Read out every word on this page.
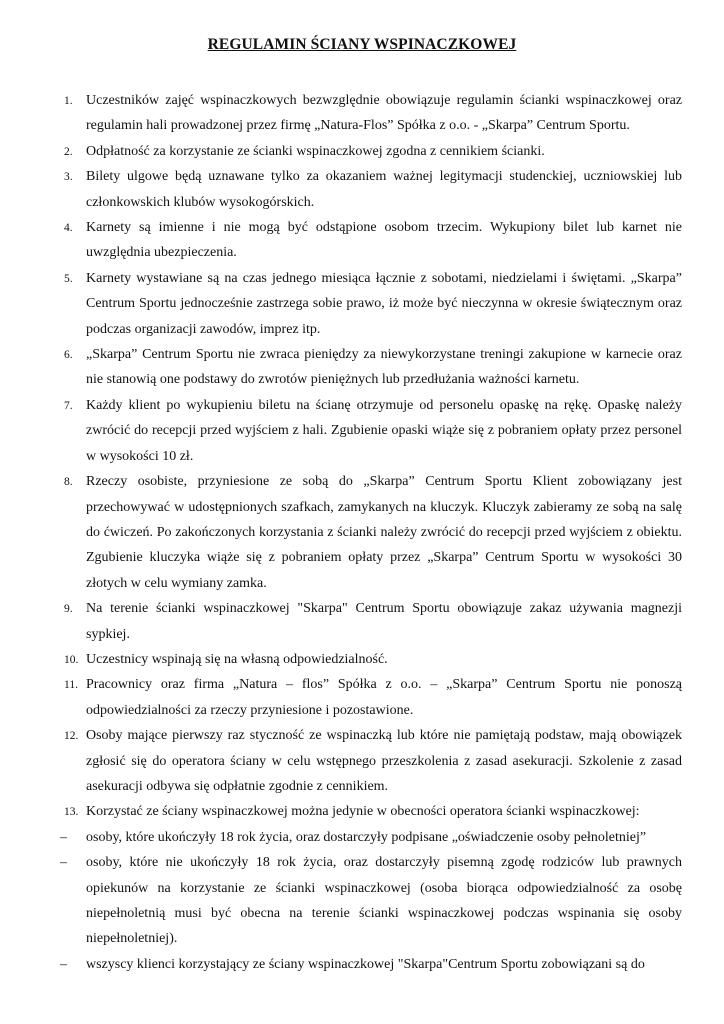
REGULAMIN ŚCIANY WSPINACZKOWEJ
1. Uczestników zajęć wspinaczkowych bezwzględnie obowiązuje regulamin ścianki wspinaczkowej oraz regulamin hali prowadzonej przez firmę „Natura-Flos” Spółka z o.o. - „Skarpa” Centrum Sportu.
2. Odpłatność za korzystanie ze ścianki wspinaczkowej zgodna z cennikiem ścianki.
3. Bilety ulgowe będą uznawane tylko za okazaniem ważnej legitymacji studenckiej, uczniowskiej lub członkowskich klubów wysokogórskich.
4. Karnety są imienne i nie mogą być odstąpione osobom trzecim. Wykupiony bilet lub karnet nie uwzględnia ubezpieczenia.
5. Karnety wystawiane są na czas jednego miesiąca łącznie z sobotami, niedzielami i świętami. „Skarpa” Centrum Sportu jednocześnie zastrzega sobie prawo, iż może być nieczynna w okresie świątecznym oraz podczas organizacji zawodów, imprez itp.
6. „Skarpa” Centrum Sportu nie zwraca pieniędzy za niewykorzystane treningi zakupione w karnecie oraz nie stanowią one podstawy do zwrotów pieniężnych lub przedłużania ważności karnetu.
7. Każdy klient po wykupieniu biletu na ścianę otrzymuje od personelu opaskę na rękę. Opaskę należy zwrócić do recepcji przed wyjściem z hali. Zgubienie opaski wiąże się z pobraniem opłaty przez personel w wysokości 10 zł.
8. Rzeczy osobiste, przyniesione ze sobą do „Skarpa” Centrum Sportu Klient zobowiązany jest przechowywać w udostępnionych szafkach, zamykanych na kluczyk. Kluczyk zabieramy ze sobą na salę do ćwiczeń. Po zakończonych korzystania z ścianki należy zwrócić do recepcji przed wyjściem z obiektu. Zgubienie kluczyka wiąże się z pobraniem opłaty przez „Skarpa” Centrum Sportu w wysokości 30 złotych w celu wymiany zamka.
9. Na terenie ścianki wspinaczkowej "Skarpa" Centrum Sportu obowiązuje zakaz używania magnezji sypkiej.
10. Uczestnicy wspinają się na własną odpowiedzialność.
11. Pracownicy oraz firma „Natura – flos” Spółka z o.o. – „Skarpa” Centrum Sportu nie ponoszą odpowiedzialności za rzeczy przyniesione i pozostawione.
12. Osoby mające pierwszy raz styczność ze wspinaczką lub które nie pamiętają podstaw, mają obowiązek zgłosić się do operatora ściany w celu wstępnego przeszkolenia z zasad asekuracji. Szkolenie z zasad asekuracji odbywa się odpłatnie zgodnie z cennikiem.
13. Korzystać ze ściany wspinaczkowej można jedynie w obecności operatora ścianki wspinaczkowej:
– osoby, które ukończyły 18 rok życia, oraz dostarczyły podpisane „oświadczenie osoby pełnoletniej”
– osoby, które nie ukończyły 18 rok życia, oraz dostarczyły pisemną zgodę rodziców lub prawnych opiekunów na korzystanie ze ścianki wspinaczkowej (osoba biorąca odpowiedzialność za osobę niepełnoletnią musi być obecna na terenie ścianki wspinaczkowej podczas wspinania się osoby niepełnoletniej).
– wszyscy klienci korzystający ze ściany wspinaczkowej "Skarpa"Centrum Sportu zobowiązani są do
